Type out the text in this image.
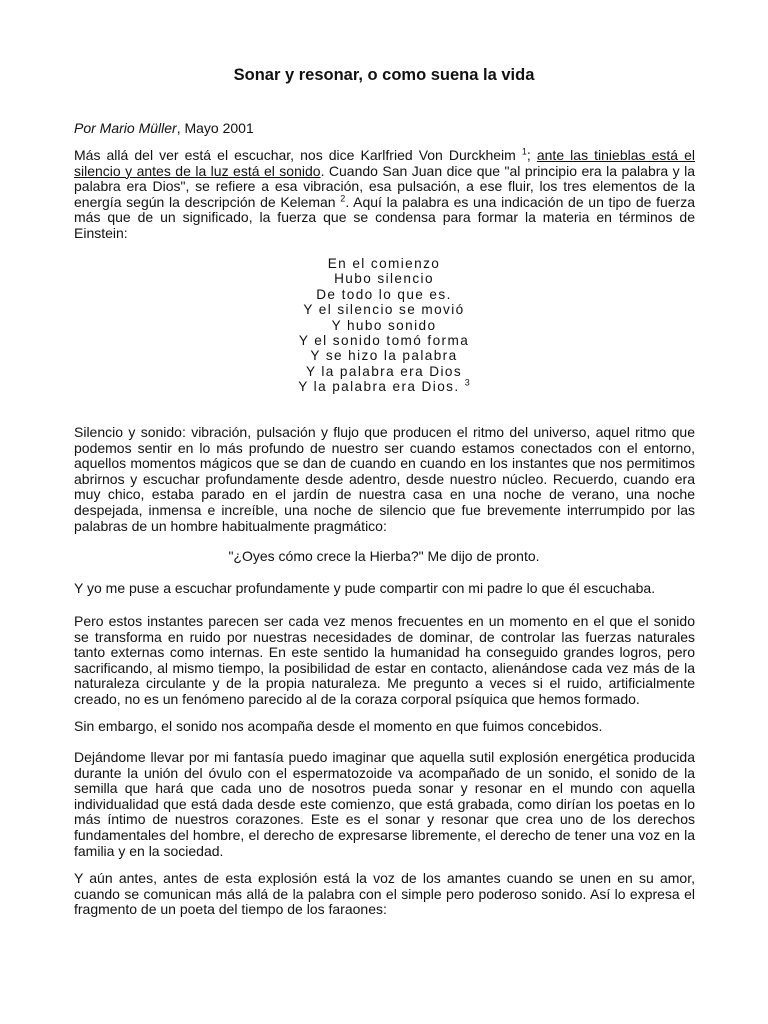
Sonar y resonar, o como suena la vida
Por Mario Müller, Mayo 2001

Más allá del ver está el escuchar, nos dice Karlfried Von Durckheim $^1$; ante las tinieblas está el silencio y antes de la luz está el sonido. Cuando San Juan dice que "al principio era la palabra y la palabra era Dios", se refiere a esa vibración, esa pulsación, a ese fluir, los tres elementos de la energía según la descripción de Keleman $^2$. Aquí la palabra es una indicación de un tipo de fuerza más que de un significado, la fuerza que se condensa para formar la materia en términos de Einstein:

En el comienzo
Hubo silencio
De todo lo que es.
Y el silencio se movió
Y hubo sonido
Y el sonido tomó forma
Y se hizo la palabra
Y la palabra era Dios
Y la palabra era Dios. $^3$

Silencio y sonido: vibración, pulsación y flujo que producen el ritmo del universo, aquel ritmo que podemos sentir en lo más profundo de nuestro ser cuando estamos conectados con el entorno, aquellos momentos mágicos que se dan de cuando en cuando en los instantes que nos permitimos abrirnos y escuchar profundamente desde adentro, desde nuestro núcleo. Recuerdo, cuando era muy chico, estaba parado en el jardín de nuestra casa en una noche de verano, una noche despejada, inmensa e increíble, una noche de silencio que fue brevemente interrumpido por las palabras de un hombre habitualmente pragmático:

"¿Oyes cómo crece la Hierba?" Me dijo de pronto.
Y yo me puse a escuchar profundamente y pude compartir con mi padre lo que él escuchaba.

Pero estos instantes parecen ser cada vez menos frecuentes en un momento en el que el sonido se transforma en ruido por nuestras necesidades de dominar, de controlar las fuerzas naturales tanto externas como internas. En este sentido la humanidad ha conseguido grandes logros, pero sacrificando, al mismo tiempo, la posibilidad de estar en contacto, alienándose cada vez más de la naturaleza circulante y de la propia naturaleza. Me pregunto a veces si el ruido, artificialmente creado, no es un fenómeno parecido al de la coraza corporal psíquica que hemos formado.

Sin embargo, el sonido nos acompaña desde el momento en que fuimos concebidos.

Dejándome llevar por mi fantasía puedo imaginar que aquella sutil explosión energética producida durante la unión del óvulo con el espermatozoide va acompañado de un sonido, el sonido de la semilla que hará que cada uno de nosotros pueda sonar y resonar en el mundo con aquella individualidad que está dada desde este comienzo, que está grabada, como dirían los poetas en lo más íntimo de nuestros corazones. Este es el sonar y resonar que crea uno de los derechos fundamentales del hombre, el derecho de expresarse libremente, el derecho de tener una voz en la familia y en la sociedad.

Y aún antes, antes de esta explosión está la voz de los amantes cuando se unen en su amor, cuando se comunican más allá de la palabra con el simple pero poderoso sonido. Así lo expresa el fragmento de un poeta del tiempo de los faraones:
